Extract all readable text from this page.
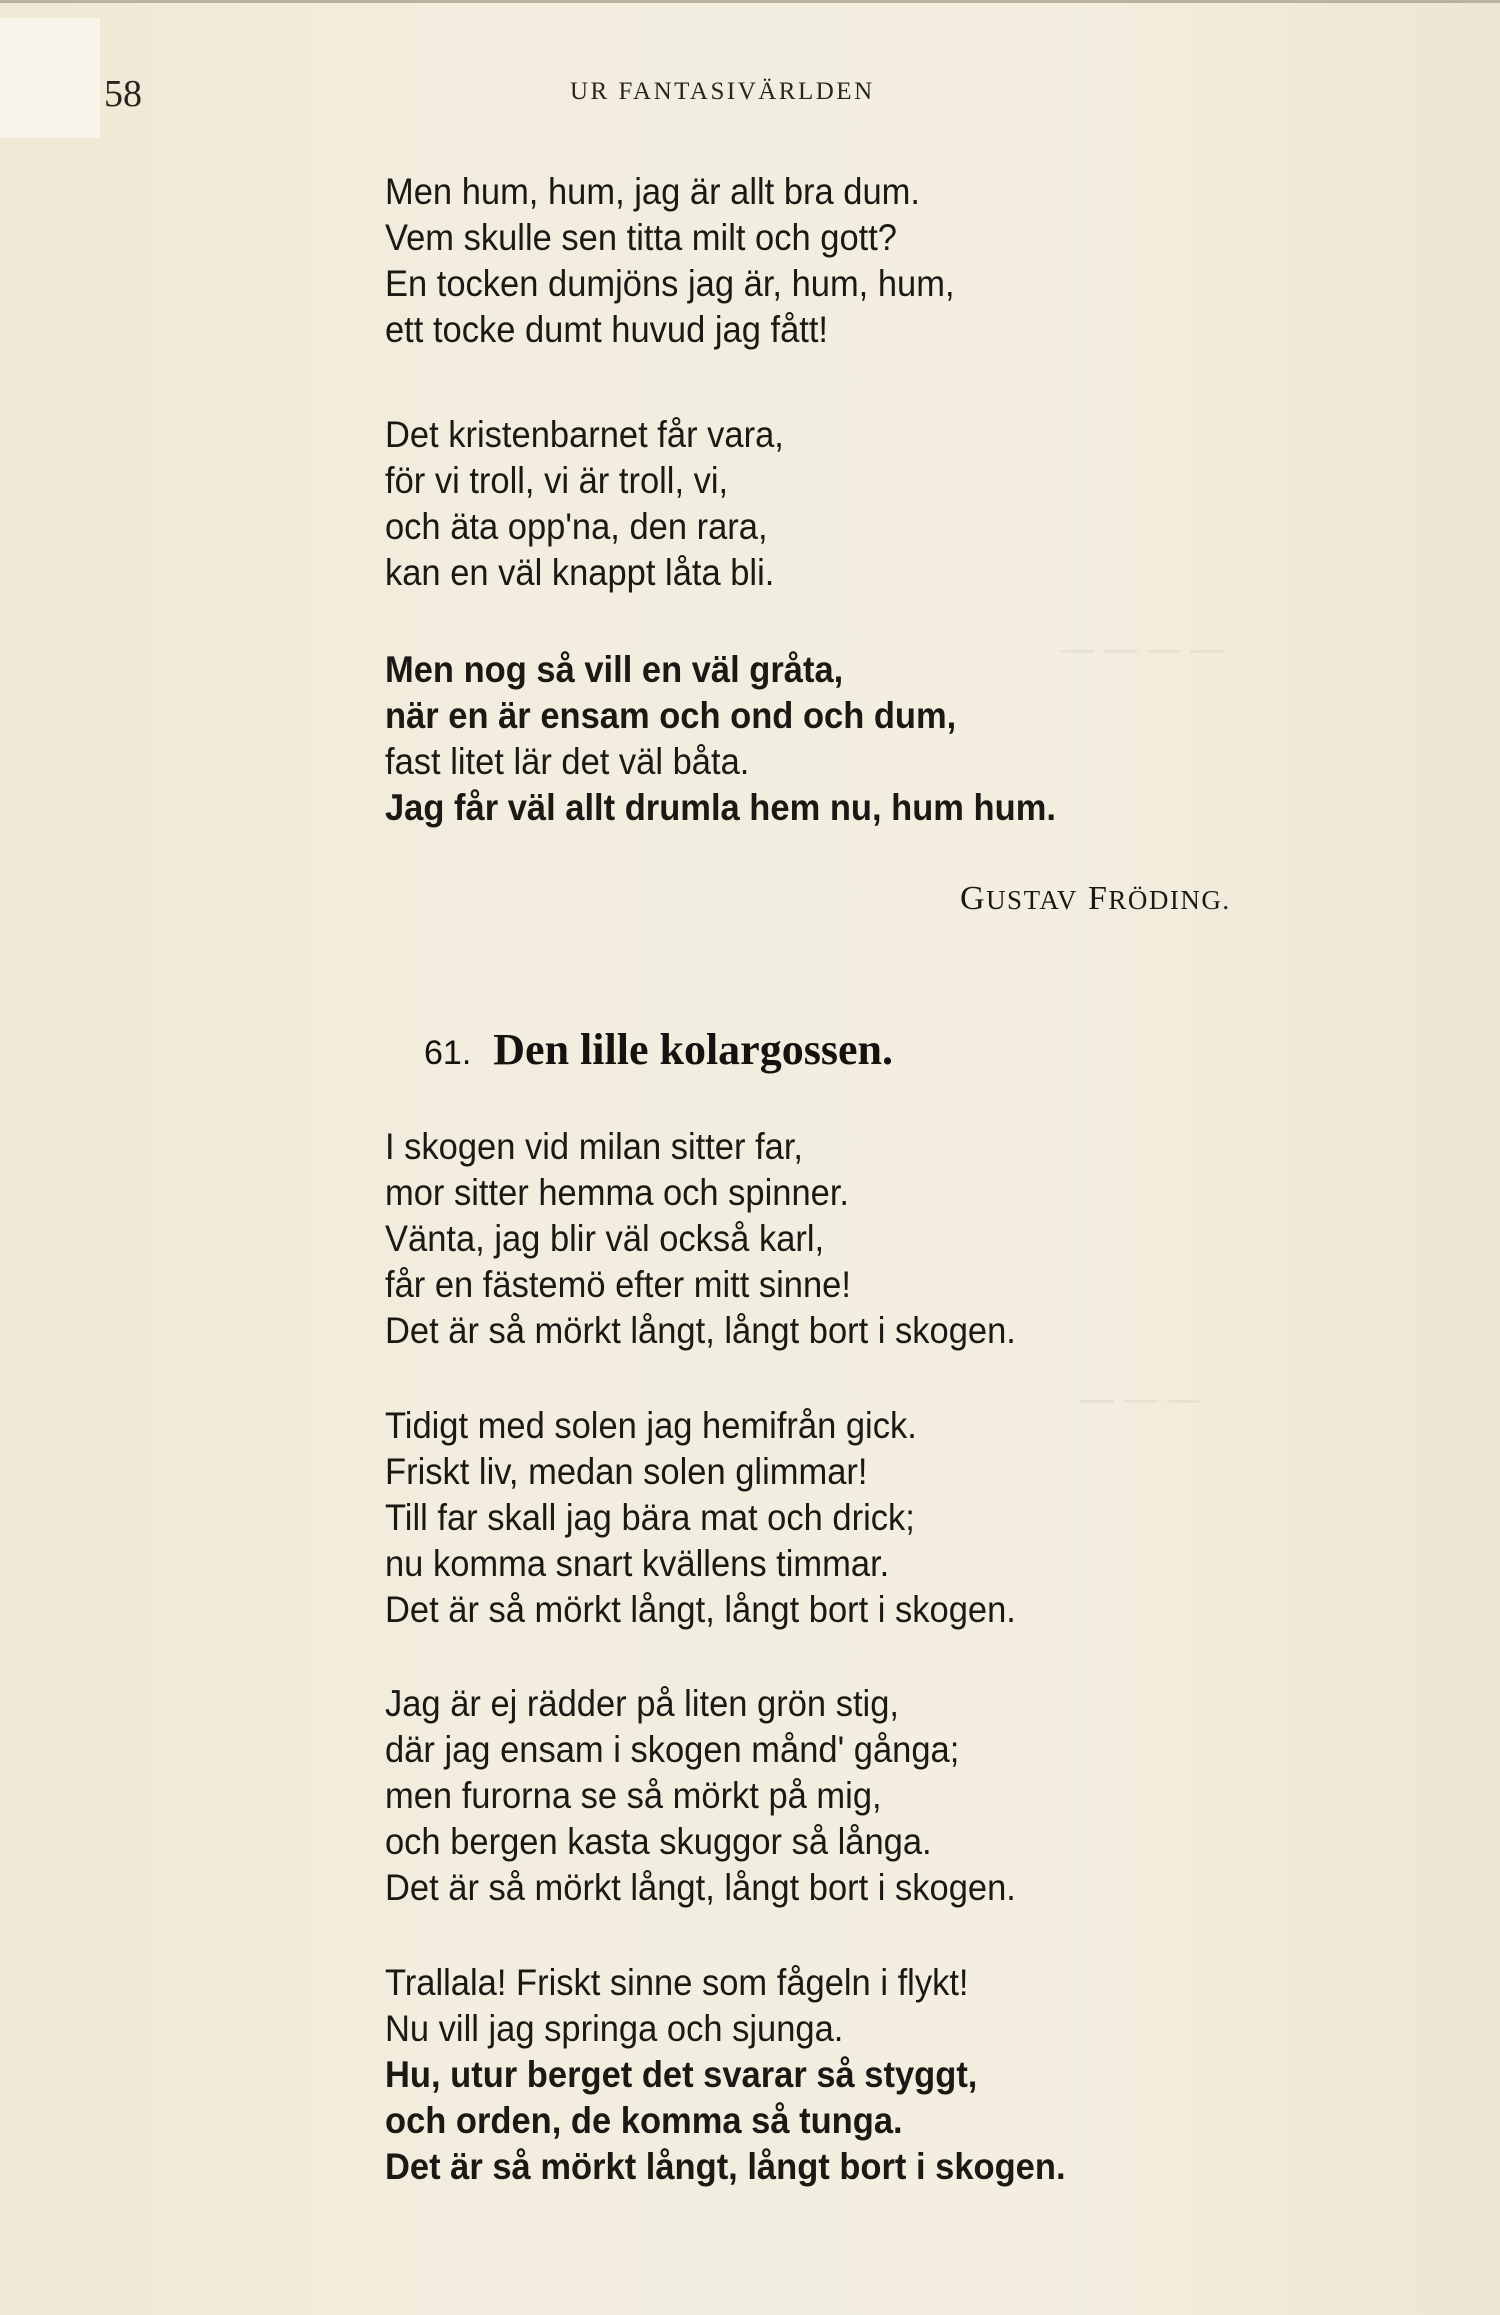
58	UR FANTASIVÄRLDEN
— — — —
— — —
Men hum, hum, jag är allt bra dum.
Vem skulle sen titta milt och gott?
En tocken dumjöns jag är, hum, hum,
ett tocke dumt huvud jag fått!
Det kristenbarnet får vara,
för vi troll, vi är troll, vi,
och äta opp'na, den rara,
kan en väl knappt låta bli.
Men nog så vill en väl gråta,
när en är ensam och ond och dum,
fast litet lär det väl båta.
Jag får väl allt drumla hem nu, hum hum.
GUSTAV FRÖDING.
61. Den lille kolargossen.
I skogen vid milan sitter far,
mor sitter hemma och spinner.
Vänta, jag blir väl också karl,
får en fästemö efter mitt sinne!
Det är så mörkt långt, långt bort i skogen.
Tidigt med solen jag hemifrån gick.
Friskt liv, medan solen glimmar!
Till far skall jag bära mat och drick;
nu komma snart kvällens timmar.
Det är så mörkt långt, långt bort i skogen.
Jag är ej rädder på liten grön stig,
där jag ensam i skogen månd' gånga;
men furorna se så mörkt på mig,
och bergen kasta skuggor så långa.
Det är så mörkt långt, långt bort i skogen.
Trallala! Friskt sinne som fågeln i flykt!
Nu vill jag springa och sjunga.
Hu, utur berget det svarar så styggt,
och orden, de komma så tunga.
Det är så mörkt långt, långt bort i skogen.
